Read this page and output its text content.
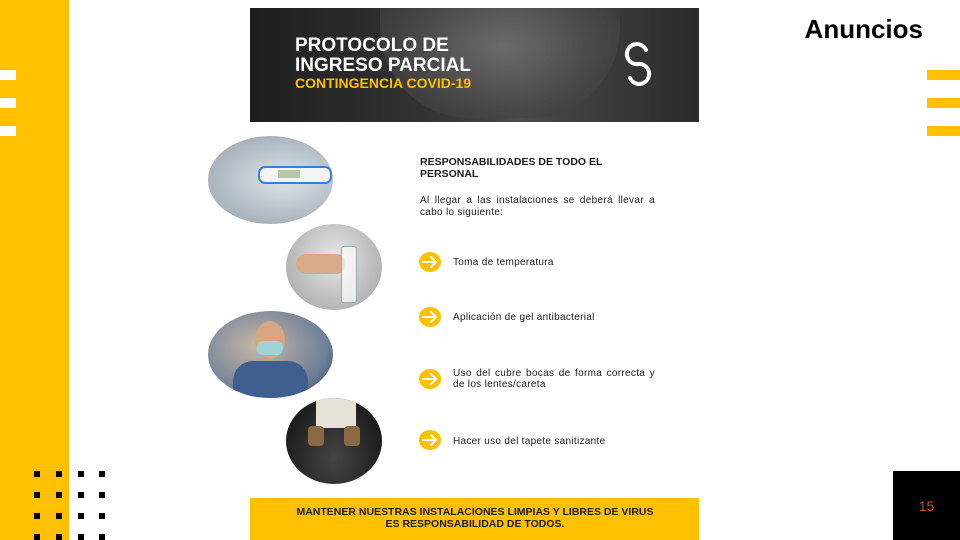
Anuncios
15
PROTOCOLO DE
INGRESO PARCIAL
CONTINGENCIA COVID-19
RESPONSABILIDADES DE TODO EL PERSONAL
Al llegar a las instalaciones se deberá llevar a cabo lo siguiente:
Toma de temperatura
Aplicación de gel antibacterial
Uso del cubre bocas de forma correcta y de los lentes/careta
Hacer uso del tapete sanitizante
MANTENER NUESTRAS INSTALACIONES LIMPIAS Y LIBRES DE VIRUS ES RESPONSABILIDAD DE TODOS.
